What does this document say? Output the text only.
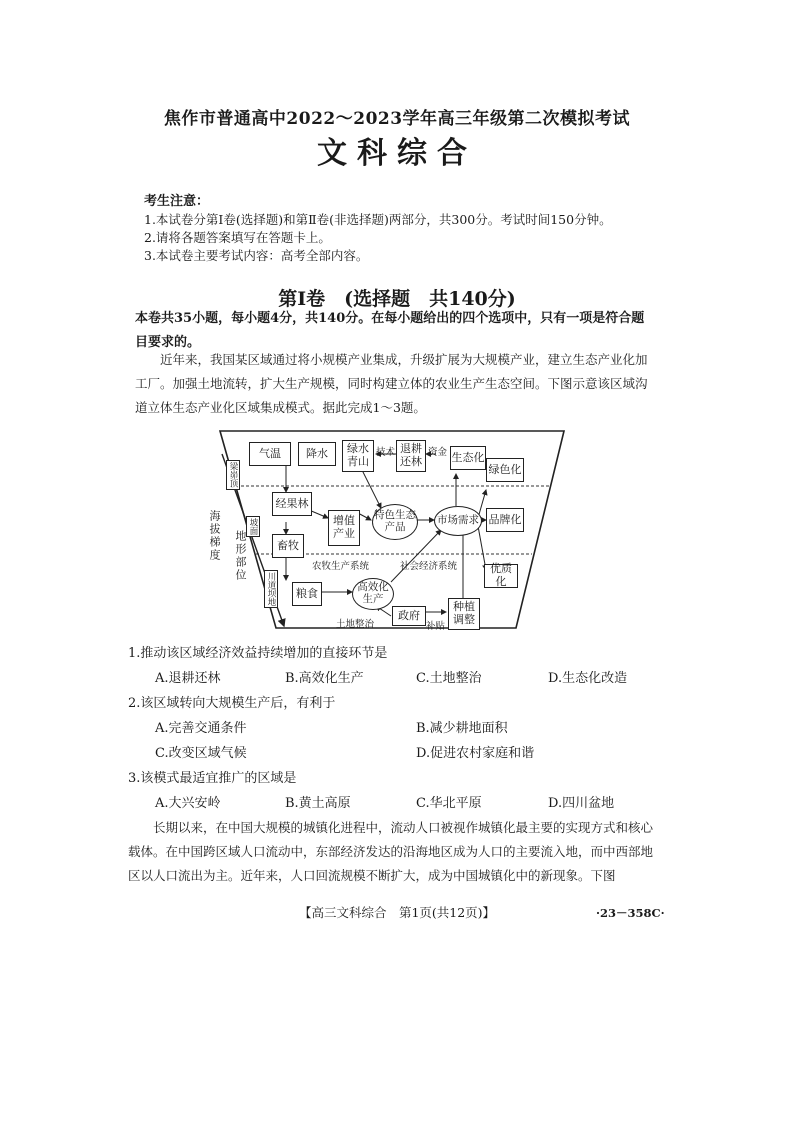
焦作市普通高中2022～2023学年高三年级第二次模拟考试
文科综合
考生注意：
1.本试卷分第Ⅰ卷(选择题)和第Ⅱ卷(非选择题)两部分，共300分。考试时间150分钟。
2.请将各题答案填写在答题卡上。
3.本试卷主要考试内容：高考全部内容。
第Ⅰ卷　(选择题　共140分)
本卷共35小题，每小题4分，共140分。在每小题给出的四个选项中，只有一项是符合题目要求的。
近年来，我国某区域通过将小规模产业集成，升级扩展为大规模产业，建立生态产业化加工厂。加强土地流转，扩大生产规模，同时构建立体的农业生产生态空间。下图示意该区域沟道立体生态产业化区域集成模式。据此完成1～3题。
气温	降水	绿水青山
技术 退耕还林
资金 生态化
绿色化
经果林
增值产业
特色生态产品
市场需求 品牌化
畜牧
农牧生产系统	社会经济系统	优质化
粮食	高效化生产
政府
种植调整
土地整治	补贴
梁峁顶
坡面
川道坝地
海拔梯度 地形部位
1.推动该区域经济效益持续增加的直接环节是
A.退耕还林	B.高效化生产	C.土地整治	D.生态化改造
2.该区域转向大规模生产后，有利于
A.完善交通条件	B.减少耕地面积
C.改变区域气候	D.促进农村家庭和谐
3.该模式最适宜推广的区域是
A.大兴安岭	B.黄土高原	C.华北平原	D.四川盆地
长期以来，在中国大规模的城镇化进程中，流动人口被视作城镇化最主要的实现方式和核心载体。在中国跨区域人口流动中，东部经济发达的沿海地区成为人口的主要流入地，而中西部地区以人口流出为主。近年来，人口回流规模不断扩大，成为中国城镇化中的新现象。下图
【高三文科综合　第1页(共12页)】	·23－358C·
